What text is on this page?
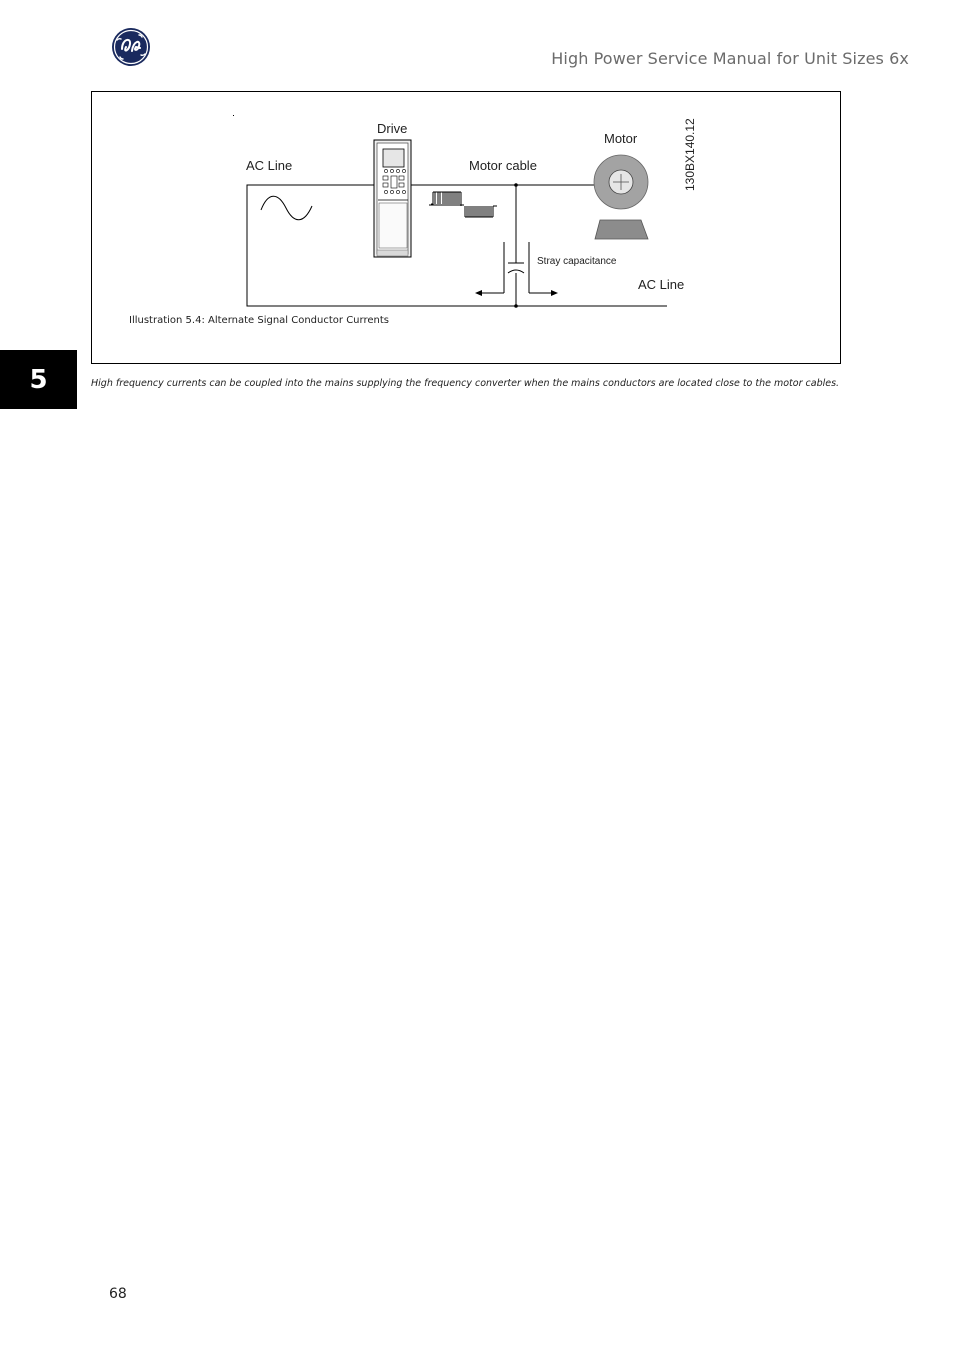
High Power Service Manual for Unit Sizes 6x
5
Drive
Motor
AC Line	Motor cable
Stray capacitance
AC Line
130BX140.12
Illustration 5.4: Alternate Signal Conductor Currents
High frequency currents can be coupled into the mains supplying the frequency converter when the mains conductors are located close to the motor cables.
68
